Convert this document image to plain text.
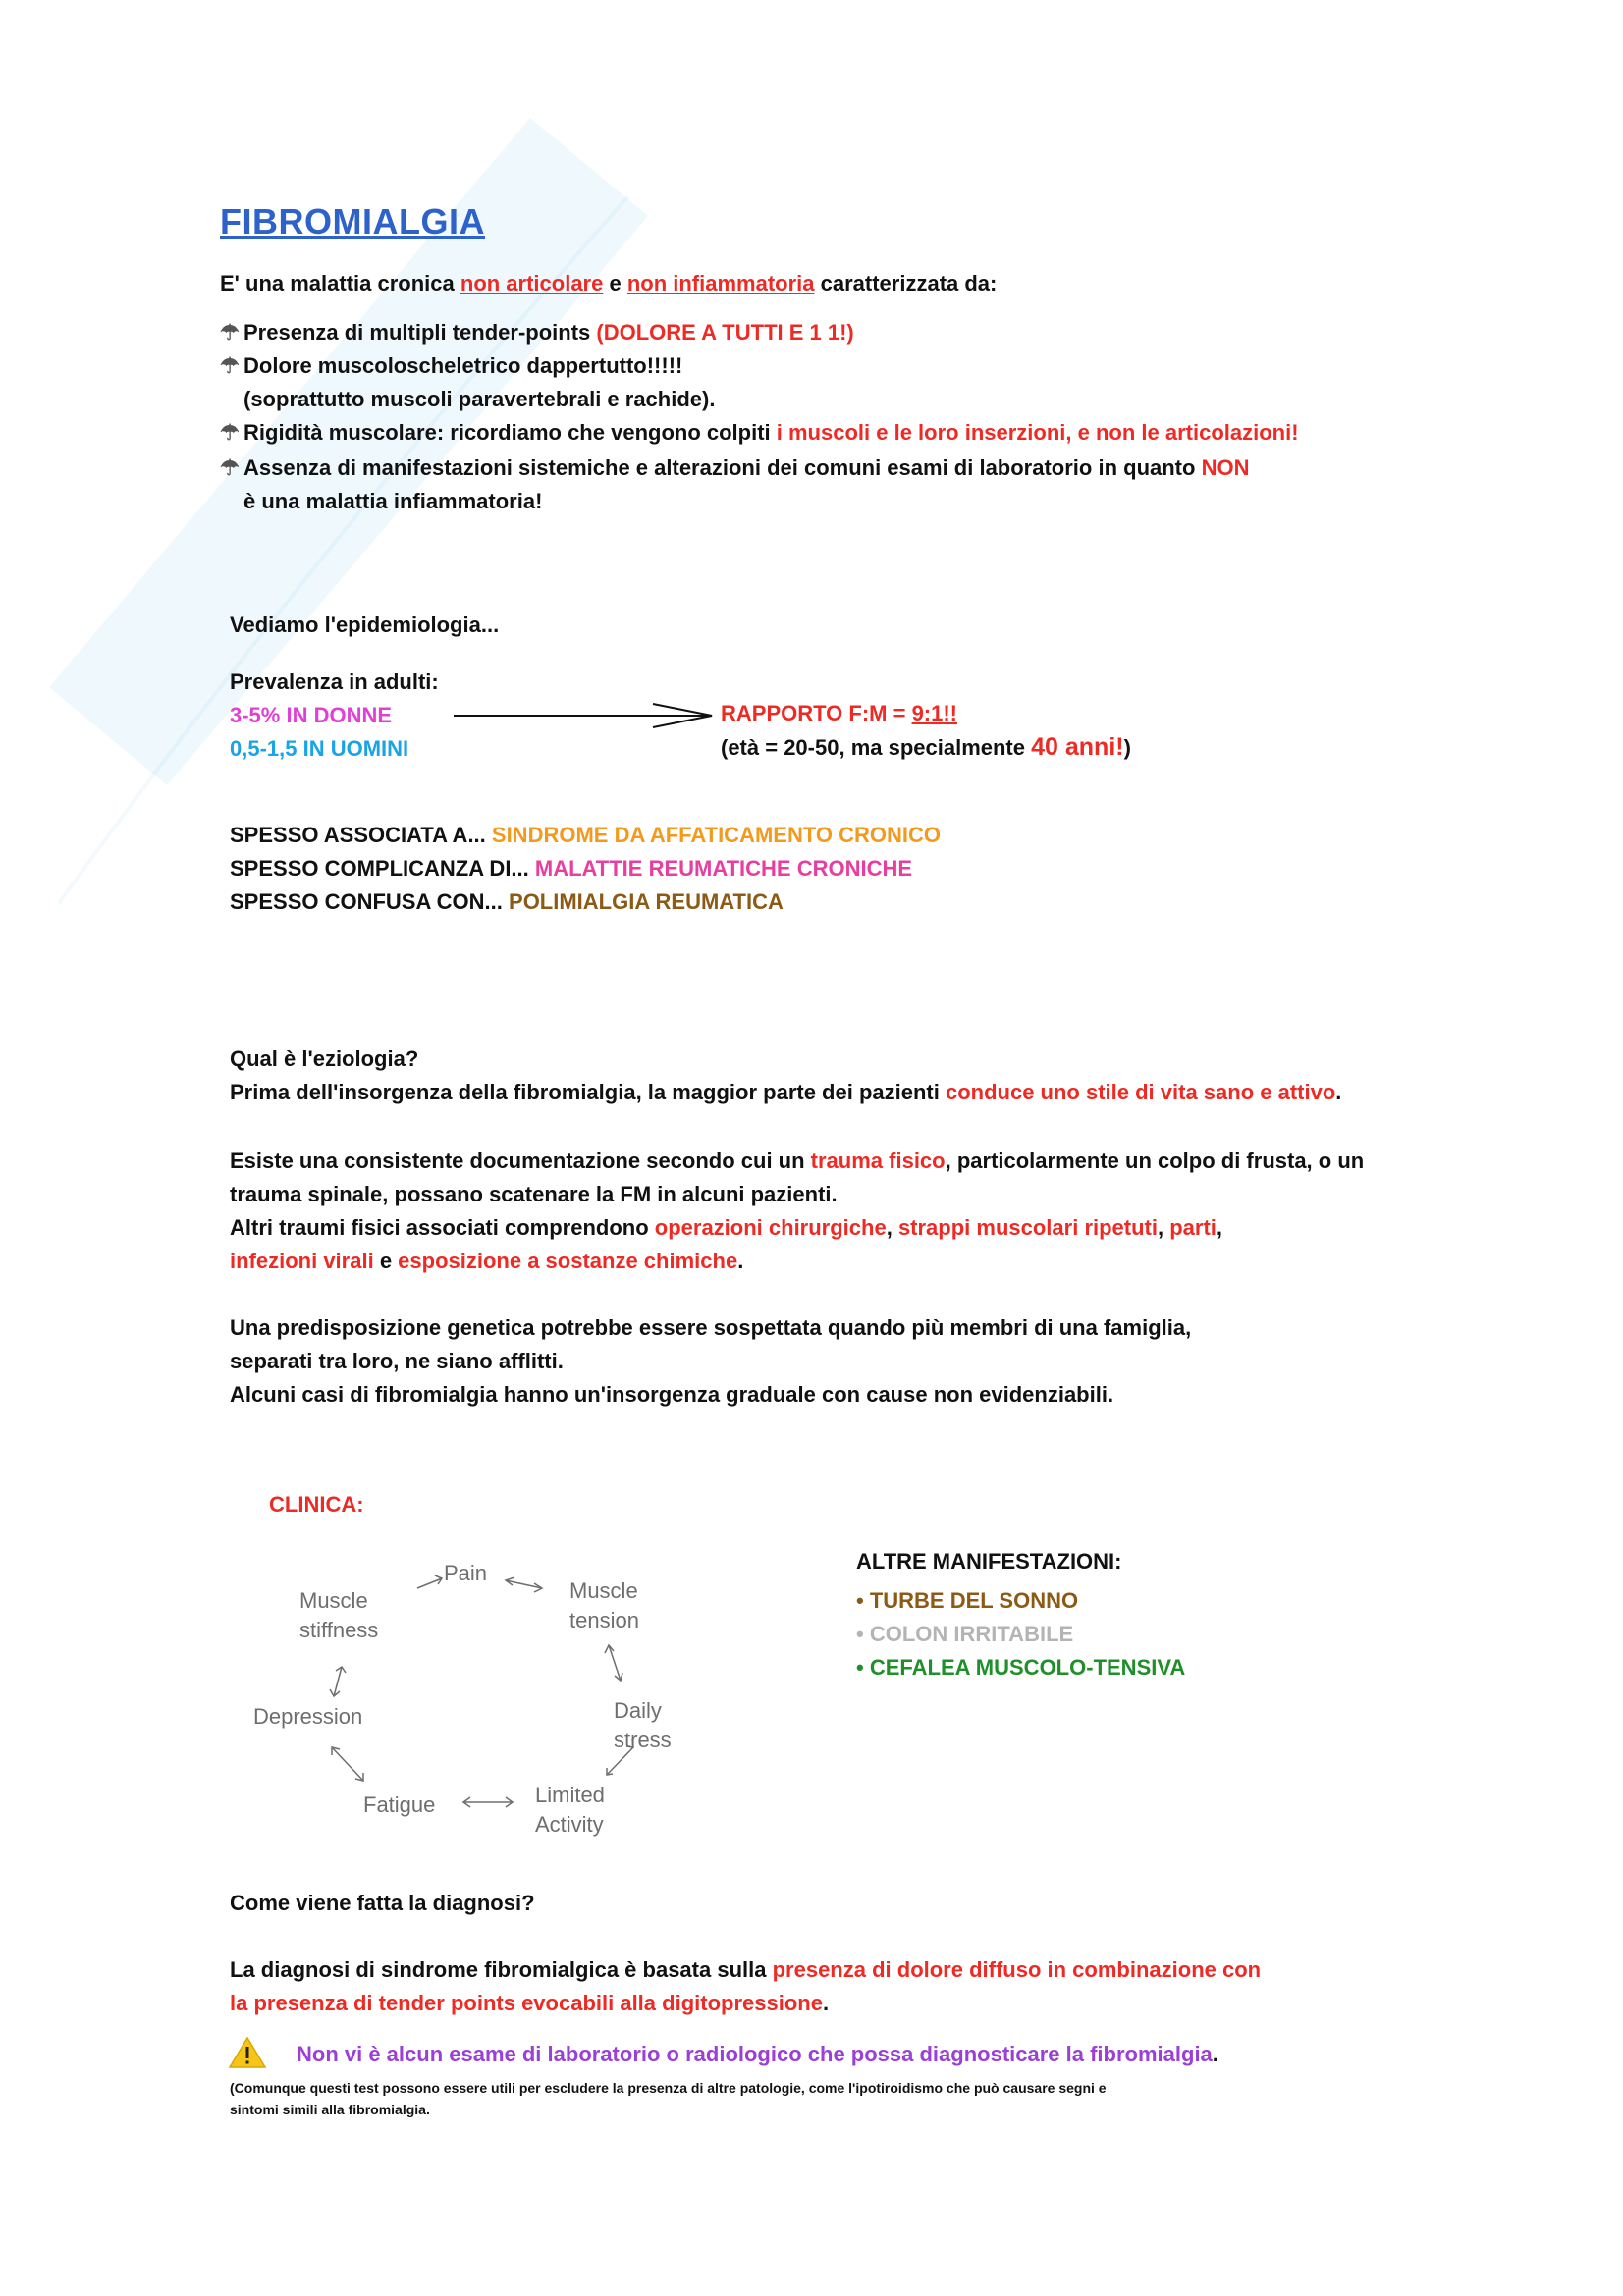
FIBROMIALGIA
E' una malattia cronica non articolare e non infiammatoria caratterizzata da:
☂ Presenza di multipli tender-points (DOLORE A TUTTI E 1 1!)
☂ Dolore muscoloscheletrico dappertutto!!!!!
(soprattutto muscoli paravertebrali e rachide).
☂ Rigidità muscolare: ricordiamo che vengono colpiti i muscoli e le loro inserzioni, e non le articolazioni!
☂ Assenza di manifestazioni sistemiche e alterazioni dei comuni esami di laboratorio in quanto NON
è una malattia infiammatoria!
Vediamo l'epidemiologia...
Prevalenza in adulti:
3-5% IN DONNE
0,5-1,5 IN UOMINI
RAPPORTO F:M = 9:1!!
(età = 20-50, ma specialmente 40 anni!)
SPESSO ASSOCIATA A... SINDROME DA AFFATICAMENTO CRONICO
SPESSO COMPLICANZA DI... MALATTIE REUMATICHE CRONICHE
SPESSO CONFUSA CON... POLIMIALGIA REUMATICA
Qual è l'eziologia?
Prima dell'insorgenza della fibromialgia, la maggior parte dei pazienti conduce uno stile di vita sano e attivo.
Esiste una consistente documentazione secondo cui un trauma fisico, particolarmente un colpo di frusta, o un
trauma spinale, possano scatenare la FM in alcuni pazienti.
Altri traumi fisici associati comprendono operazioni chirurgiche, strappi muscolari ripetuti, parti,
infezioni virali e esposizione a sostanze chimiche.
Una predisposizione genetica potrebbe essere sospettata quando più membri di una famiglia,
separati tra loro, ne siano afflitti.
Alcuni casi di fibromialgia hanno un'insorgenza graduale con cause non evidenziabili.
CLINICA:
Pain
Muscle
tension
Daily
stress
Limited
Activity
Fatigue
Depression
Muscle
stiffness
ALTRE MANIFESTAZIONI:
• TURBE DEL SONNO
• COLON IRRITABILE
• CEFALEA MUSCOLO-TENSIVA
Come viene fatta la diagnosi?
La diagnosi di sindrome fibromialgica è basata sulla presenza di dolore diffuso in combinazione con
la presenza di tender points evocabili alla digitopressione.
Non vi è alcun esame di laboratorio o radiologico che possa diagnosticare la fibromialgia.
(Comunque questi test possono essere utili per escludere la presenza di altre patologie, come l'ipotiroidismo che può causare segni e
sintomi simili alla fibromialgia.
